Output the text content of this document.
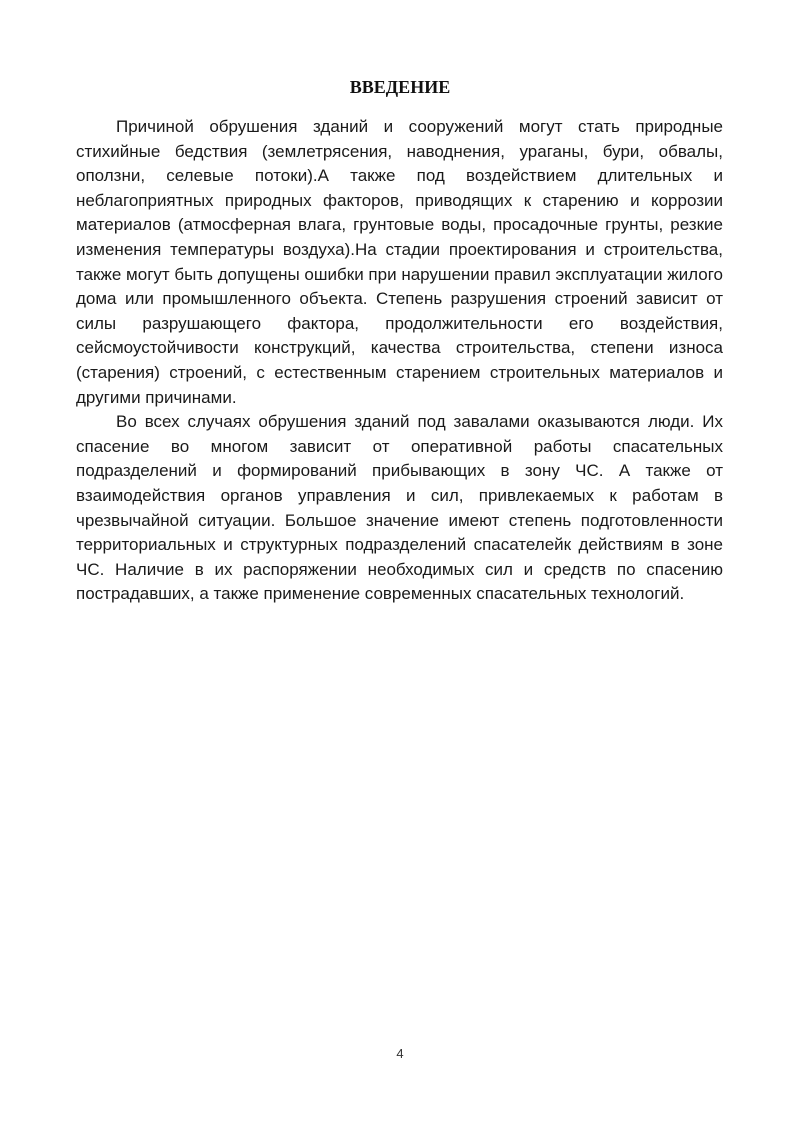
ВВЕДЕНИЕ

Причиной обрушения зданий и сооружений могут стать природные стихийные бедствия (землетрясения, наводнения, ураганы, бури, обвалы, оползни, селевые потоки).А также под воздействием длительных и неблагоприятных природных факторов, приводящих к старению и коррозии материалов (атмосферная влага, грунтовые воды, просадочные грунты, резкие изменения температуры воздуха).На стадии проектирования и строительства, также могут быть допущены ошибки при нарушении правил эксплуатации жилого дома или промышленного объекта. Степень разрушения строений зависит от силы разрушающего фактора, продолжительности его воздействия, сейсмоустойчивости конструкций, качества строительства, степени износа (старения) строений, с естественным старением строительных материалов и другими причинами.

Во всех случаях обрушения зданий под завалами оказываются люди. Их спасение во многом зависит от оперативной работы спасательных подразделений и формирований прибывающих в зону ЧС. А также от взаимодействия органов управления и сил, привлекаемых к работам в чрезвычайной ситуации. Большое значение имеют степень подготовленности территориальных и структурных подразделений спасателейк действиям в зоне ЧС. Наличие в их распоряжении необходимых сил и средств по спасению пострадавших, а также применение современных спасательных технологий.

4
